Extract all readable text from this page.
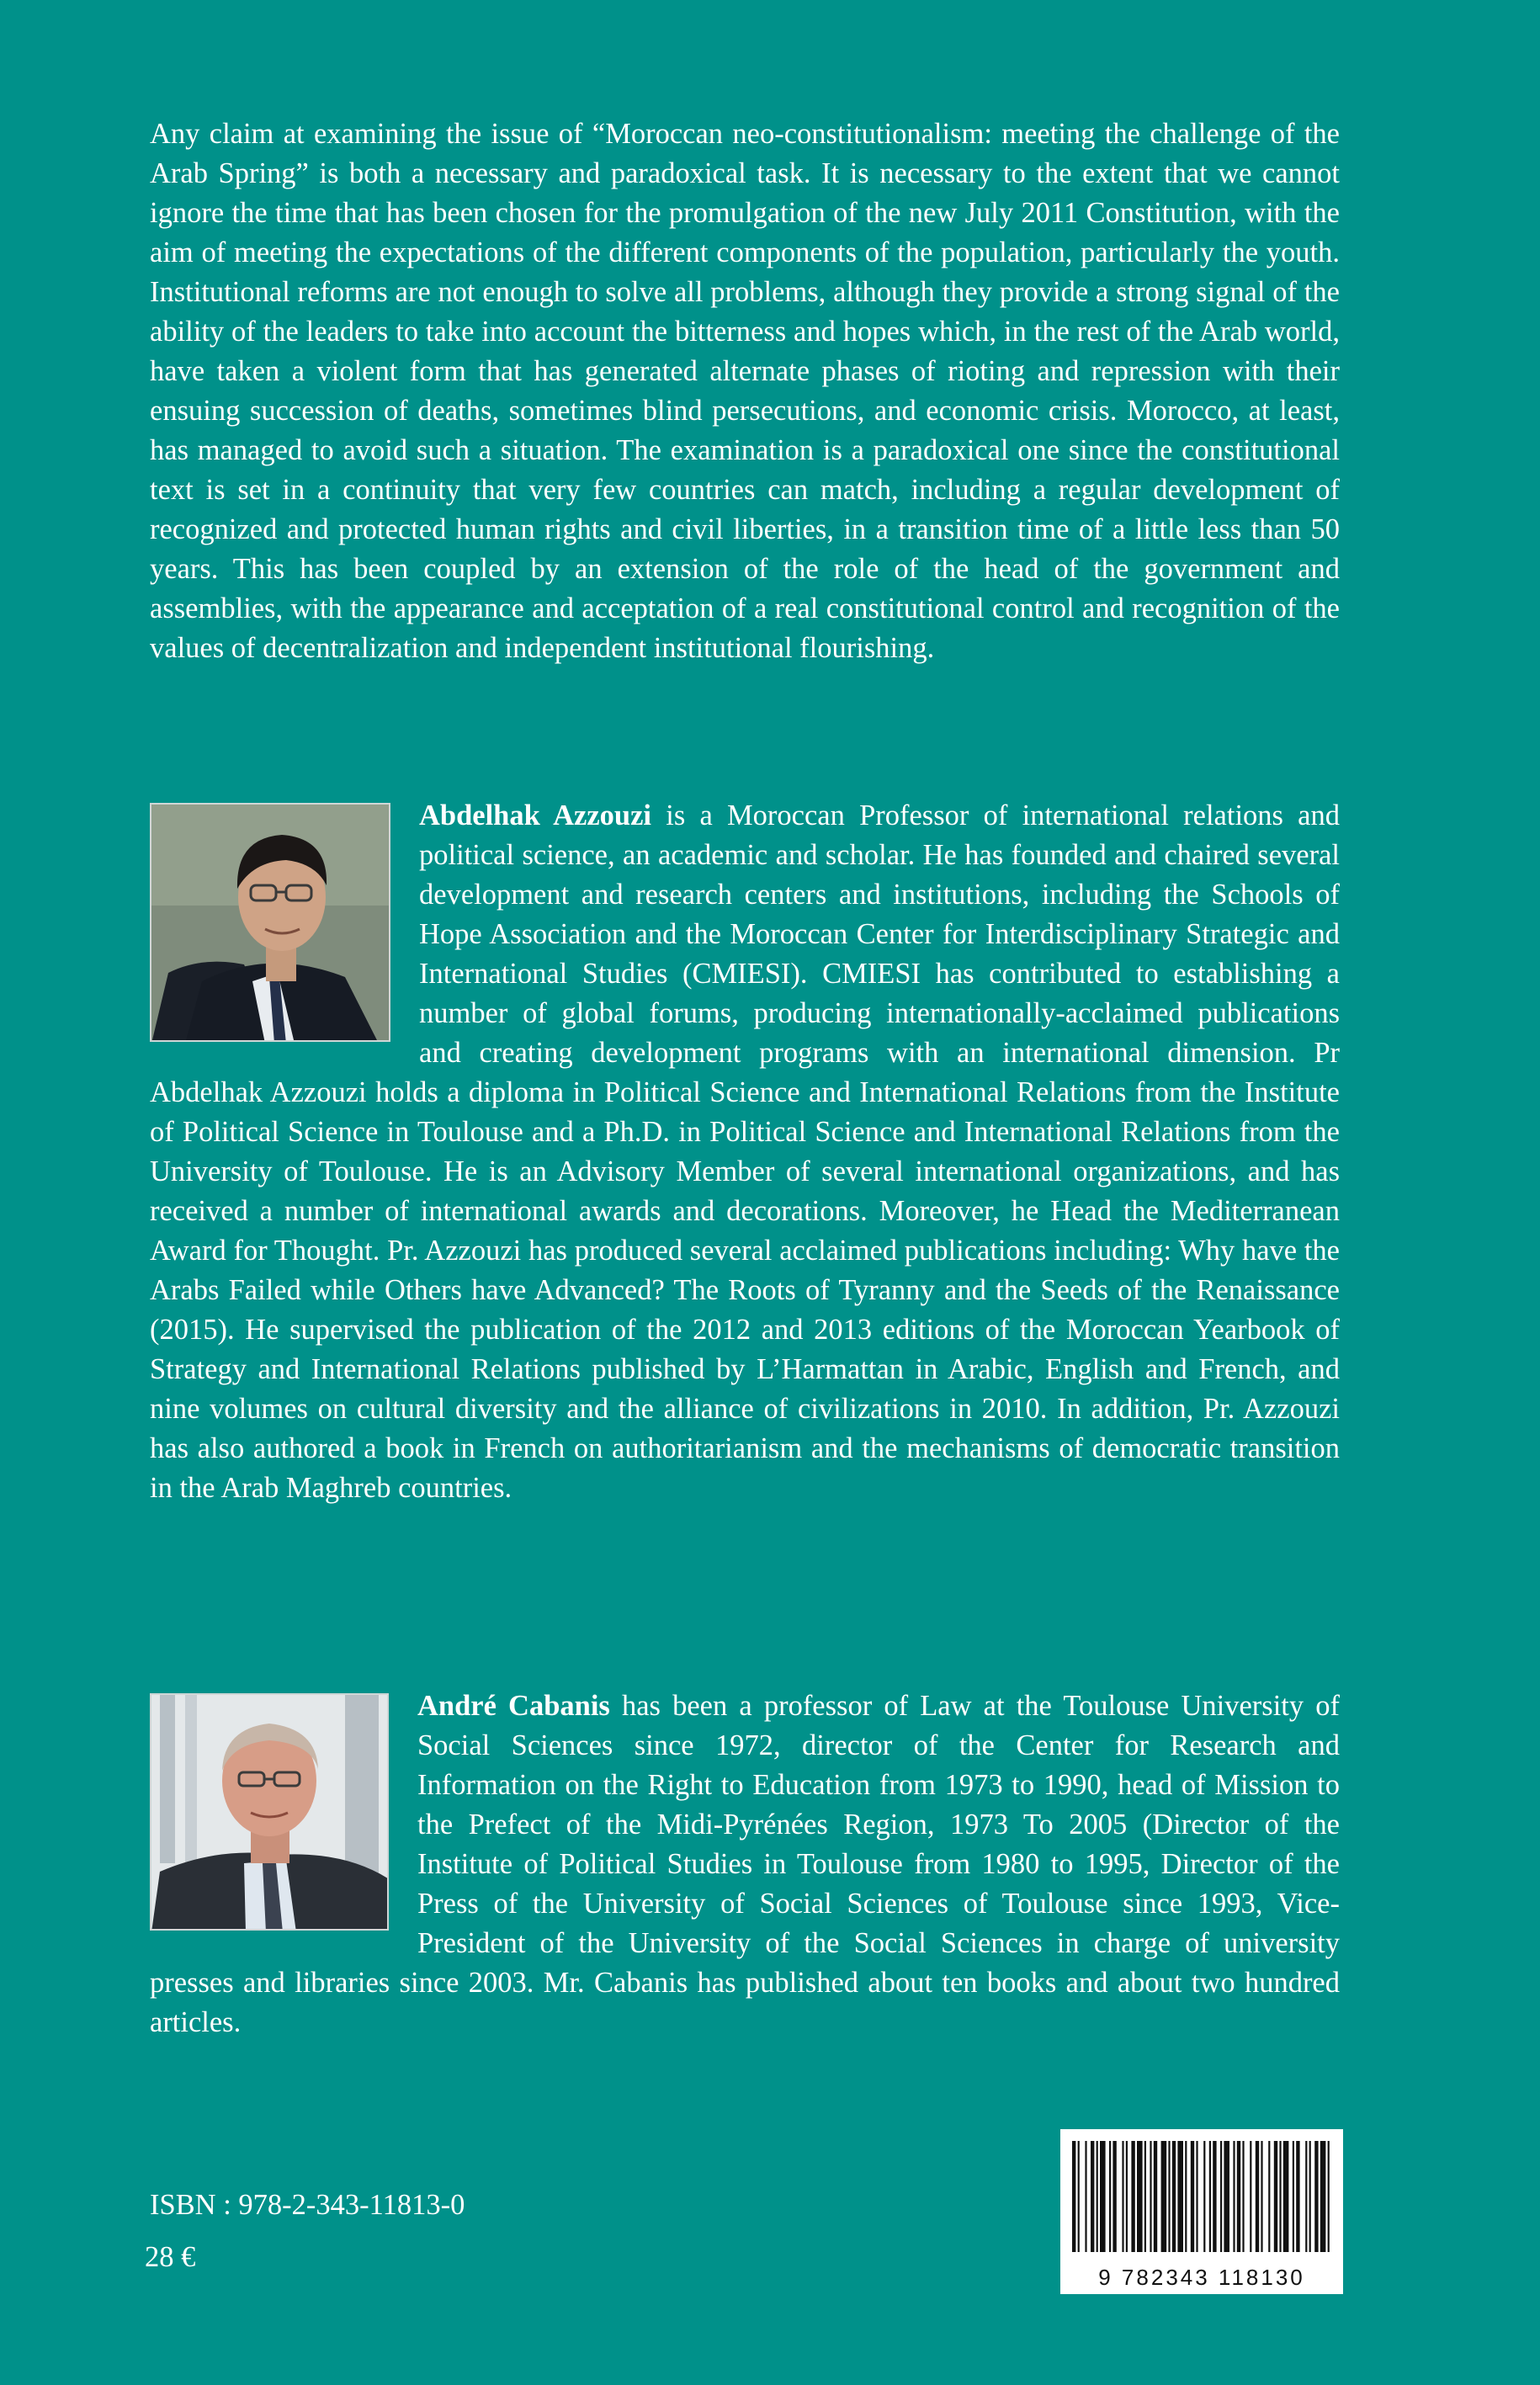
Any claim at examining the issue of “Moroccan neo-constitutionalism: meeting the challenge of the Arab Spring” is both a necessary and paradoxical task. It is necessary to the extent that we cannot ignore the time that has been chosen for the promulgation of the new July 2011 Constitution, with the aim of meeting the expectations of the different components of the population, particularly the youth. Institutional reforms are not enough to solve all problems, although they provide a strong signal of the ability of the leaders to take into account the bitterness and hopes which, in the rest of the Arab world, have taken a violent form that has generated alternate phases of rioting and repression with their ensuing succession of deaths, sometimes blind persecutions, and economic crisis. Morocco, at least, has managed to avoid such a situation. The examination is a paradoxical one since the constitutional text is set in a continuity that very few countries can match, including a regular development of recognized and protected human rights and civil liberties, in a transition time of a little less than 50 years. This has been coupled by an extension of the role of the head of the government and assemblies, with the appearance and acceptation of a real constitutional control and recognition of the values of decentralization and independent institutional flourishing.
Abdelhak Azzouzi is a Moroccan Professor of international relations and political science, an academic and scholar. He has founded and chaired several development and research centers and institutions, including the Schools of Hope Association and the Moroccan Center for Interdisciplinary Strategic and International Studies (CMIESI). CMIESI has contributed to establishing a number of global forums, producing internationally-acclaimed publications and creating development programs with an international dimension. Pr Abdelhak Azzouzi holds a diploma in Political Science and International Relations from the Institute of Political Science in Toulouse and a Ph.D. in Political Science and International Relations from the University of Toulouse. He is an Advisory Member of several international organizations, and has received a number of international awards and decorations. Moreover, he Head the Mediterranean Award for Thought. Pr. Azzouzi has produced several acclaimed publications including: Why have the Arabs Failed while Others have Advanced? The Roots of Tyranny and the Seeds of the Renaissance (2015). He supervised the publication of the 2012 and 2013 editions of the Moroccan Yearbook of Strategy and International Relations published by L’Harmattan in Arabic, English and French, and nine volumes on cultural diversity and the alliance of civilizations in 2010. In addition, Pr. Azzouzi has also authored a book in French on authoritarianism and the mechanisms of democratic transition in the Arab Maghreb countries.
André Cabanis has been a professor of Law at the Toulouse University of Social Sciences since 1972, director of the Center for Research and Information on the Right to Education from 1973 to 1990, head of Mission to the Prefect of the Midi-Pyrénées Region, 1973 To 2005 (Director of the Institute of Political Studies in Toulouse from 1980 to 1995, Director of the Press of the University of Social Sciences of Toulouse since 1993, Vice-President of the University of the Social Sciences in charge of university presses and libraries since 2003. Mr. Cabanis has published about ten books and about two hundred articles.
ISBN : 978-2-343-11813-0
28 €
9 782343 118130
